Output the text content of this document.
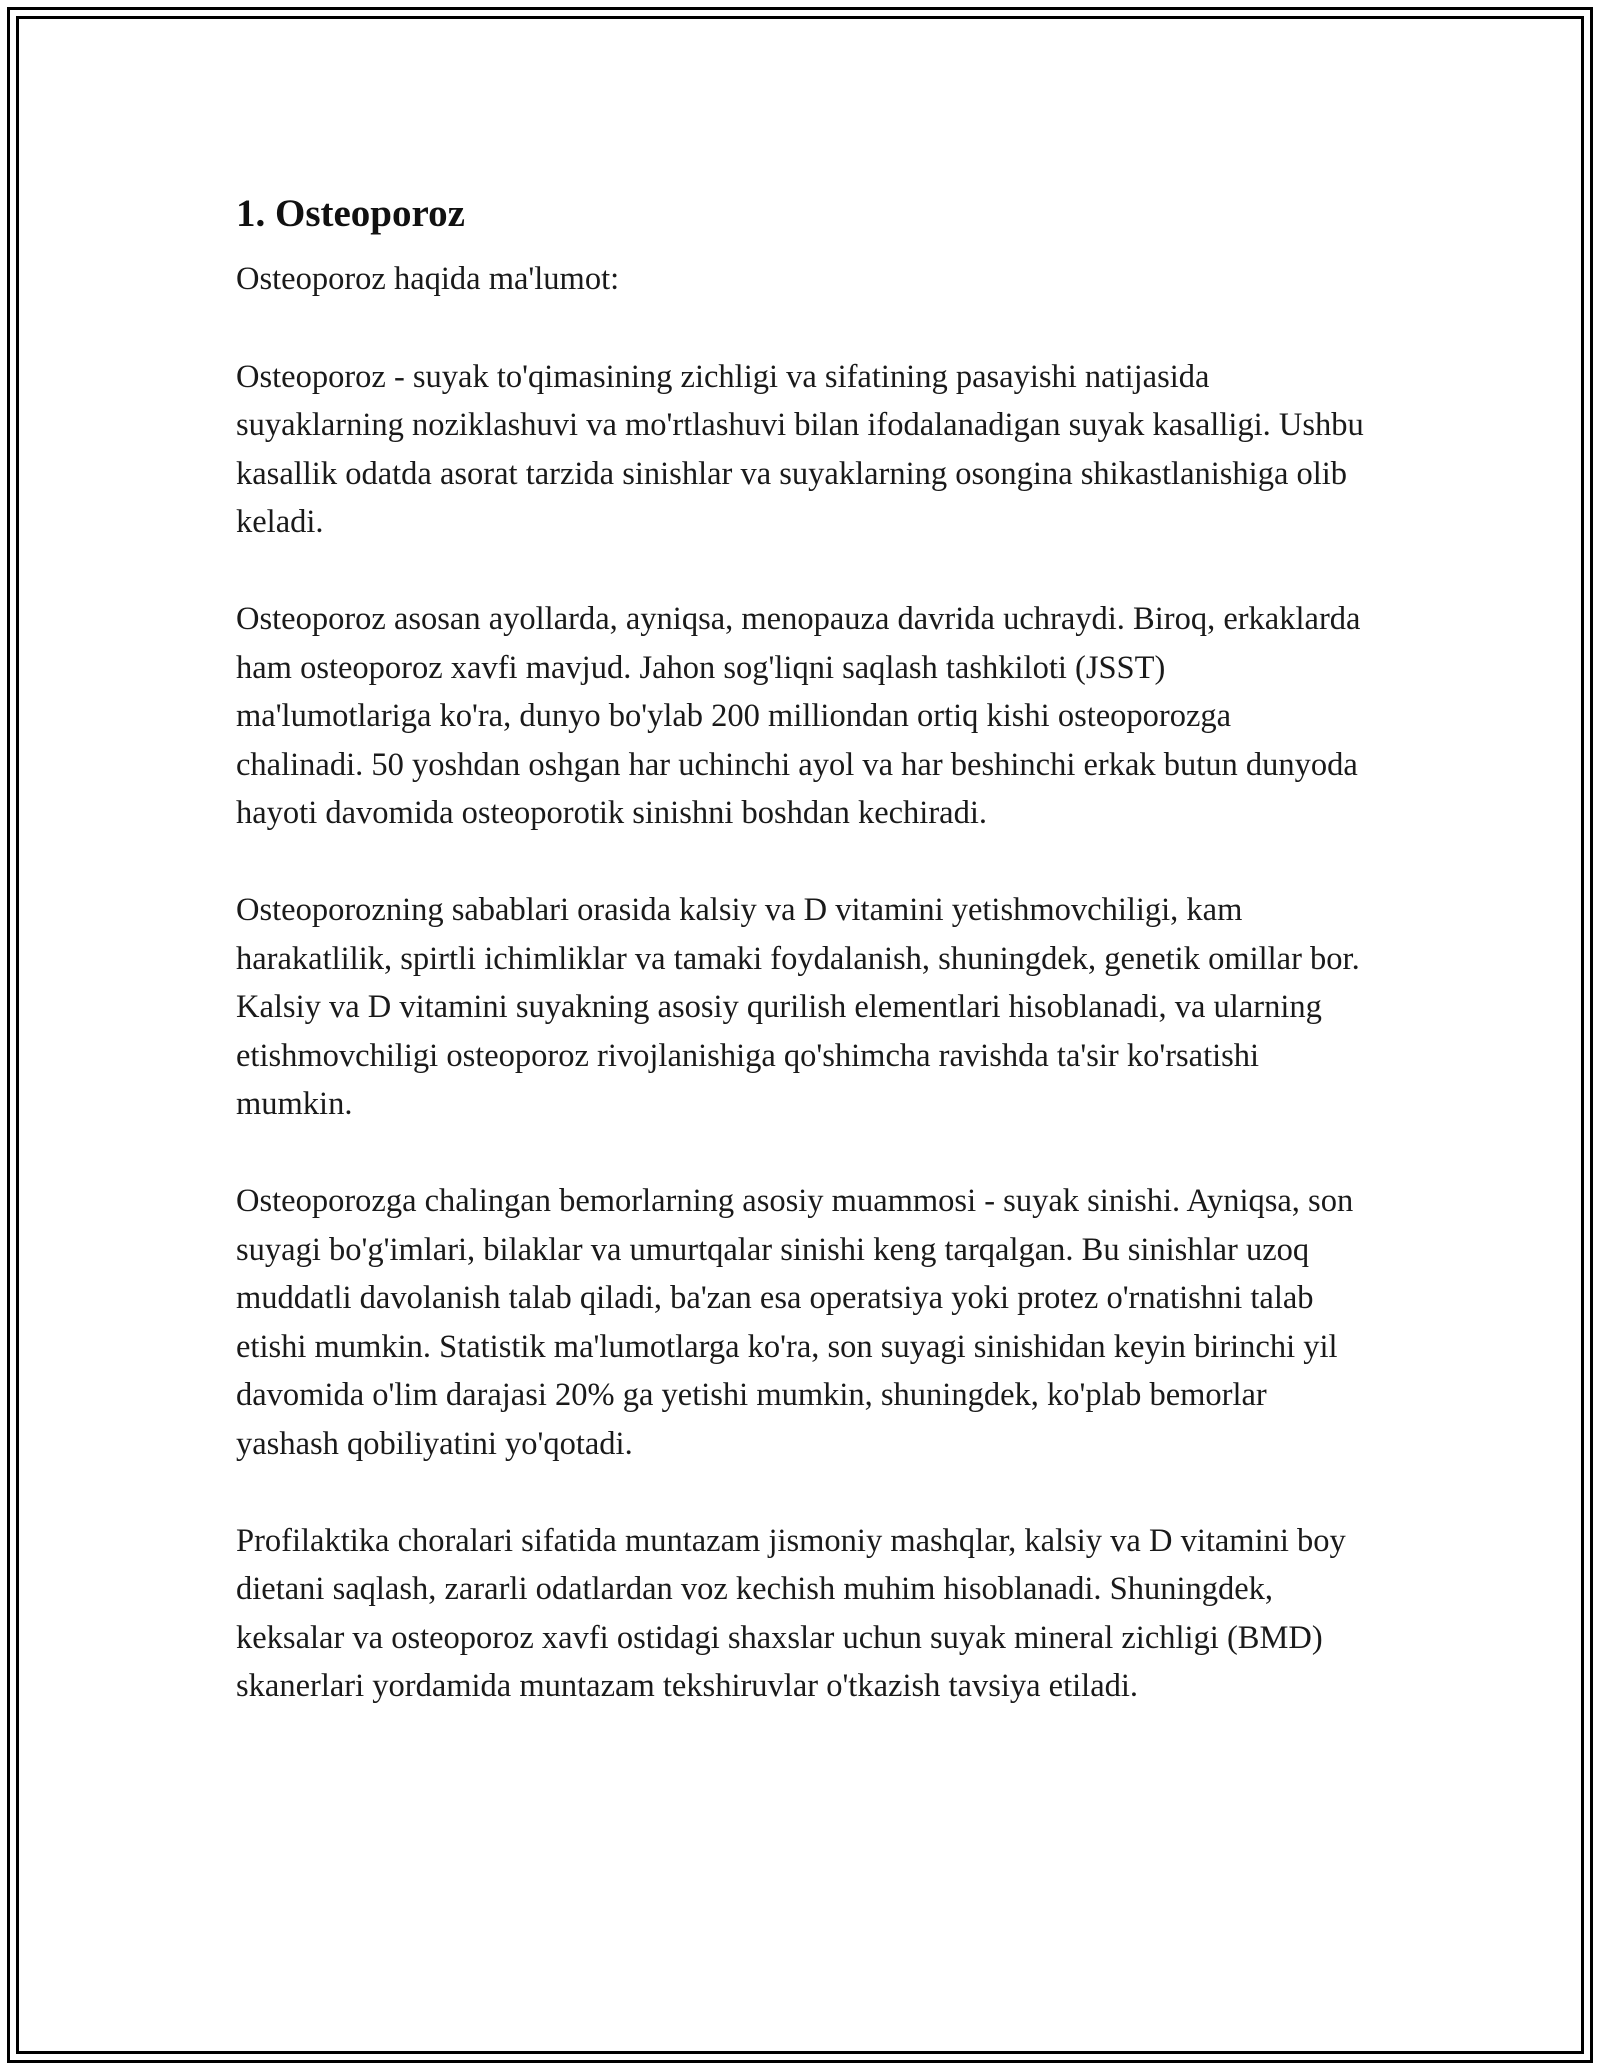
1. Osteoporoz

Osteoporoz haqida ma'lumot:

Osteoporoz - suyak to'qimasining zichligi va sifatining pasayishi natijasida suyaklarning noziklashuvi va mo'rtlashuvi bilan ifodalanadigan suyak kasalligi. Ushbu kasallik odatda asorat tarzida sinishlar va suyaklarning osongina shikastlanishiga olib keladi.

Osteoporoz asosan ayollarda, ayniqsa, menopauza davrida uchraydi. Biroq, erkaklarda ham osteoporoz xavfi mavjud. Jahon sog'liqni saqlash tashkiloti (JSST) ma'lumotlariga ko'ra, dunyo bo'ylab 200 milliondan ortiq kishi osteoporozga chalinadi. 50 yoshdan oshgan har uchinchi ayol va har beshinchi erkak butun dunyoda hayoti davomida osteoporotik sinishni boshdan kechiradi.

Osteoporozning sabablari orasida kalsiy va D vitamini yetishmovchiligi, kam harakatlilik, spirtli ichimliklar va tamaki foydalanish, shuningdek, genetik omillar bor. Kalsiy va D vitamini suyakning asosiy qurilish elementlari hisoblanadi, va ularning etishmovchiligi osteoporoz rivojlanishiga qo'shimcha ravishda ta'sir ko'rsatishi mumkin.

Osteoporozga chalingan bemorlarning asosiy muammosi - suyak sinishi. Ayniqsa, son suyagi bo'g'imlari, bilaklar va umurtqalar sinishi keng tarqalgan. Bu sinishlar uzoq muddatli davolanish talab qiladi, ba'zan esa operatsiya yoki protez o'rnatishni talab etishi mumkin. Statistik ma'lumotlarga ko'ra, son suyagi sinishidan keyin birinchi yil davomida o'lim darajasi 20% ga yetishi mumkin, shuningdek, ko'plab bemorlar yashash qobiliyatini yo'qotadi.

Profilaktika choralari sifatida muntazam jismoniy mashqlar, kalsiy va D vitamini boy dietani saqlash, zararli odatlardan voz kechish muhim hisoblanadi. Shuningdek, keksalar va osteoporoz xavfi ostidagi shaxslar uchun suyak mineral zichligi (BMD) skanerlari yordamida muntazam tekshiruvlar o'tkazish tavsiya etiladi.
